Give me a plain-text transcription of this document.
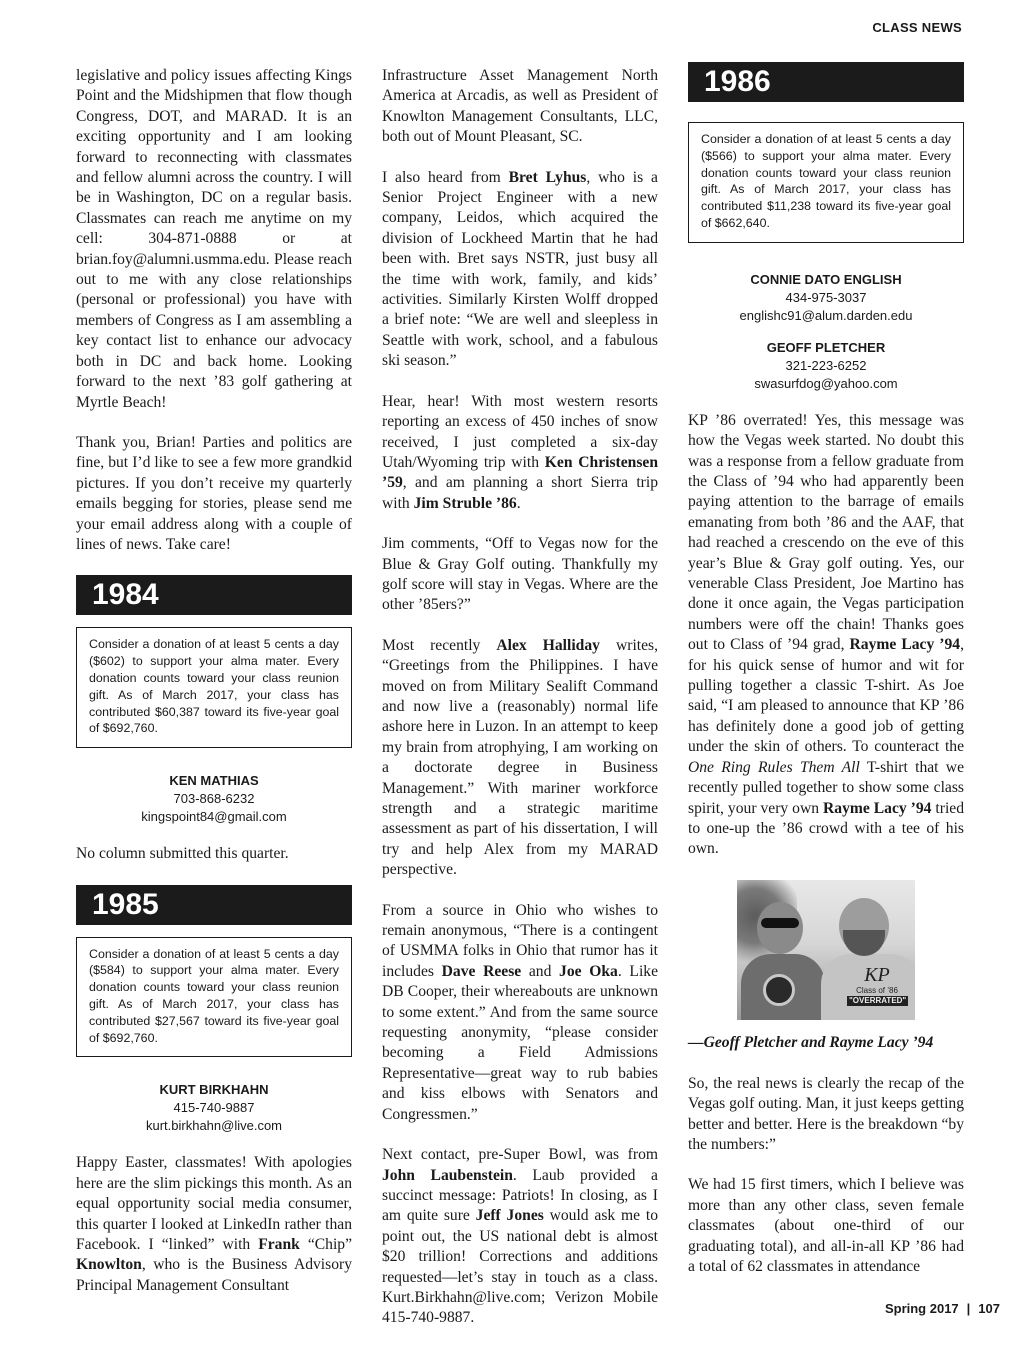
CLASS NEWS

legislative and policy issues affecting Kings Point and the Midshipmen that flow though Congress, DOT, and MARAD. It is an exciting opportunity and I am looking forward to reconnecting with classmates and fellow alumni across the country. I will be in Washington, DC on a regular basis. Classmates can reach me anytime on my cell: 304-871-0888 or at brian.foy@alumni.usmma.edu. Please reach out to me with any close relationships (personal or professional) you have with members of Congress as I am assembling a key contact list to enhance our advocacy both in DC and back home. Looking forward to the next ’83 golf gathering at Myrtle Beach!

Thank you, Brian! Parties and politics are fine, but I’d like to see a few more grandkid pictures. If you don’t receive my quarterly emails begging for stories, please send me your email address along with a couple of lines of news. Take care!

1984
Consider a donation of at least 5 cents a day ($602) to support your alma mater. Every donation counts toward your class reunion gift. As of March 2017, your class has contributed $60,387 toward its five-year goal of $692,760.
KEN MATHIAS
703-868-6232
kingspoint84@gmail.com

No column submitted this quarter.

1985
Consider a donation of at least 5 cents a day ($584) to support your alma mater. Every donation counts toward your class reunion gift. As of March 2017, your class has contributed $27,567 toward its five-year goal of $692,760.
KURT BIRKHAHN
415-740-9887
kurt.birkhahn@live.com

Happy Easter, classmates! With apologies here are the slim pickings this month. As an equal opportunity social media consumer, this quarter I looked at LinkedIn rather than Facebook. I “linked” with Frank “Chip” Knowlton, who is the Business Advisory Principal Management Consultant

Infrastructure Asset Management North America at Arcadis, as well as President of Knowlton Management Consultants, LLC, both out of Mount Pleasant, SC.

I also heard from Bret Lyhus, who is a Senior Project Engineer with a new company, Leidos, which acquired the division of Lockheed Martin that he had been with. Bret says NSTR, just busy all the time with work, family, and kids’ activities. Similarly Kirsten Wolff dropped a brief note: “We are well and sleepless in Seattle with work, school, and a fabulous ski season.”

Hear, hear! With most western resorts reporting an excess of 450 inches of snow received, I just completed a six-day Utah/Wyoming trip with Ken Christensen ’59, and am planning a short Sierra trip with Jim Struble ’86.

Jim comments, “Off to Vegas now for the Blue & Gray Golf outing. Thankfully my golf score will stay in Vegas. Where are the other ’85ers?”

Most recently Alex Halliday writes, “Greetings from the Philippines. I have moved on from Military Sealift Command and now live a (reasonably) normal life ashore here in Luzon. In an attempt to keep my brain from atrophying, I am working on a doctorate degree in Business Management.” With mariner workforce strength and a strategic maritime assessment as part of his dissertation, I will try and help Alex from my MARAD perspective.

From a source in Ohio who wishes to remain anonymous, “There is a contingent of USMMA folks in Ohio that rumor has it includes Dave Reese and Joe Oka. Like DB Cooper, their whereabouts are unknown to some extent.” And from the same source requesting anonymity, “please consider becoming a Field Admissions Representative—great way to rub babies and kiss elbows with Senators and Congressmen.”

Next contact, pre-Super Bowl, was from John Laubenstein. Laub provided a succinct message: Patriots! In closing, as I am quite sure Jeff Jones would ask me to point out, the US national debt is almost $20 trillion! Corrections and additions requested—let’s stay in touch as a class. Kurt.Birkhahn@live.com; Verizon Mobile 415-740-9887.

1986
Consider a donation of at least 5 cents a day ($566) to support your alma mater. Every donation counts toward your class reunion gift. As of March 2017, your class has contributed $11,238 toward its five-year goal of $662,640.
CONNIE DATO ENGLISH
434-975-3037
englishc91@alum.darden.edu
GEOFF PLETCHER
321-223-6252
swasurfdog@yahoo.com

KP ’86 overrated! Yes, this message was how the Vegas week started. No doubt this was a response from a fellow graduate from the Class of ’94 who had apparently been paying attention to the barrage of emails emanating from both ’86 and the AAF, that had reached a crescendo on the eve of this year’s Blue & Gray golf outing. Yes, our venerable Class President, Joe Martino has done it once again, the Vegas participation numbers were off the chain! Thanks goes out to Class of ’94 grad, Rayme Lacy ’94, for his quick sense of humor and wit for pulling together a classic T-shirt. As Joe said, “I am pleased to announce that KP ’86 has definitely done a good job of getting under the skin of others. To counteract the One Ring Rules Them All T-shirt that we recently pulled together to show some class spirit, your very own Rayme Lacy ’94 tried to one-up the ’86 crowd with a tee of his own.

KP
Class of ’86
"OVERRATED"
—Geoff Pletcher and Rayme Lacy ’94

So, the real news is clearly the recap of the Vegas golf outing. Man, it just keeps getting better and better. Here is the breakdown “by the numbers:”

We had 15 first timers, which I believe was more than any other class, seven female classmates (about one-third of our graduating total), and all-in-all KP ’86 had a total of 62 classmates in attendance

Spring 2017 | 107
